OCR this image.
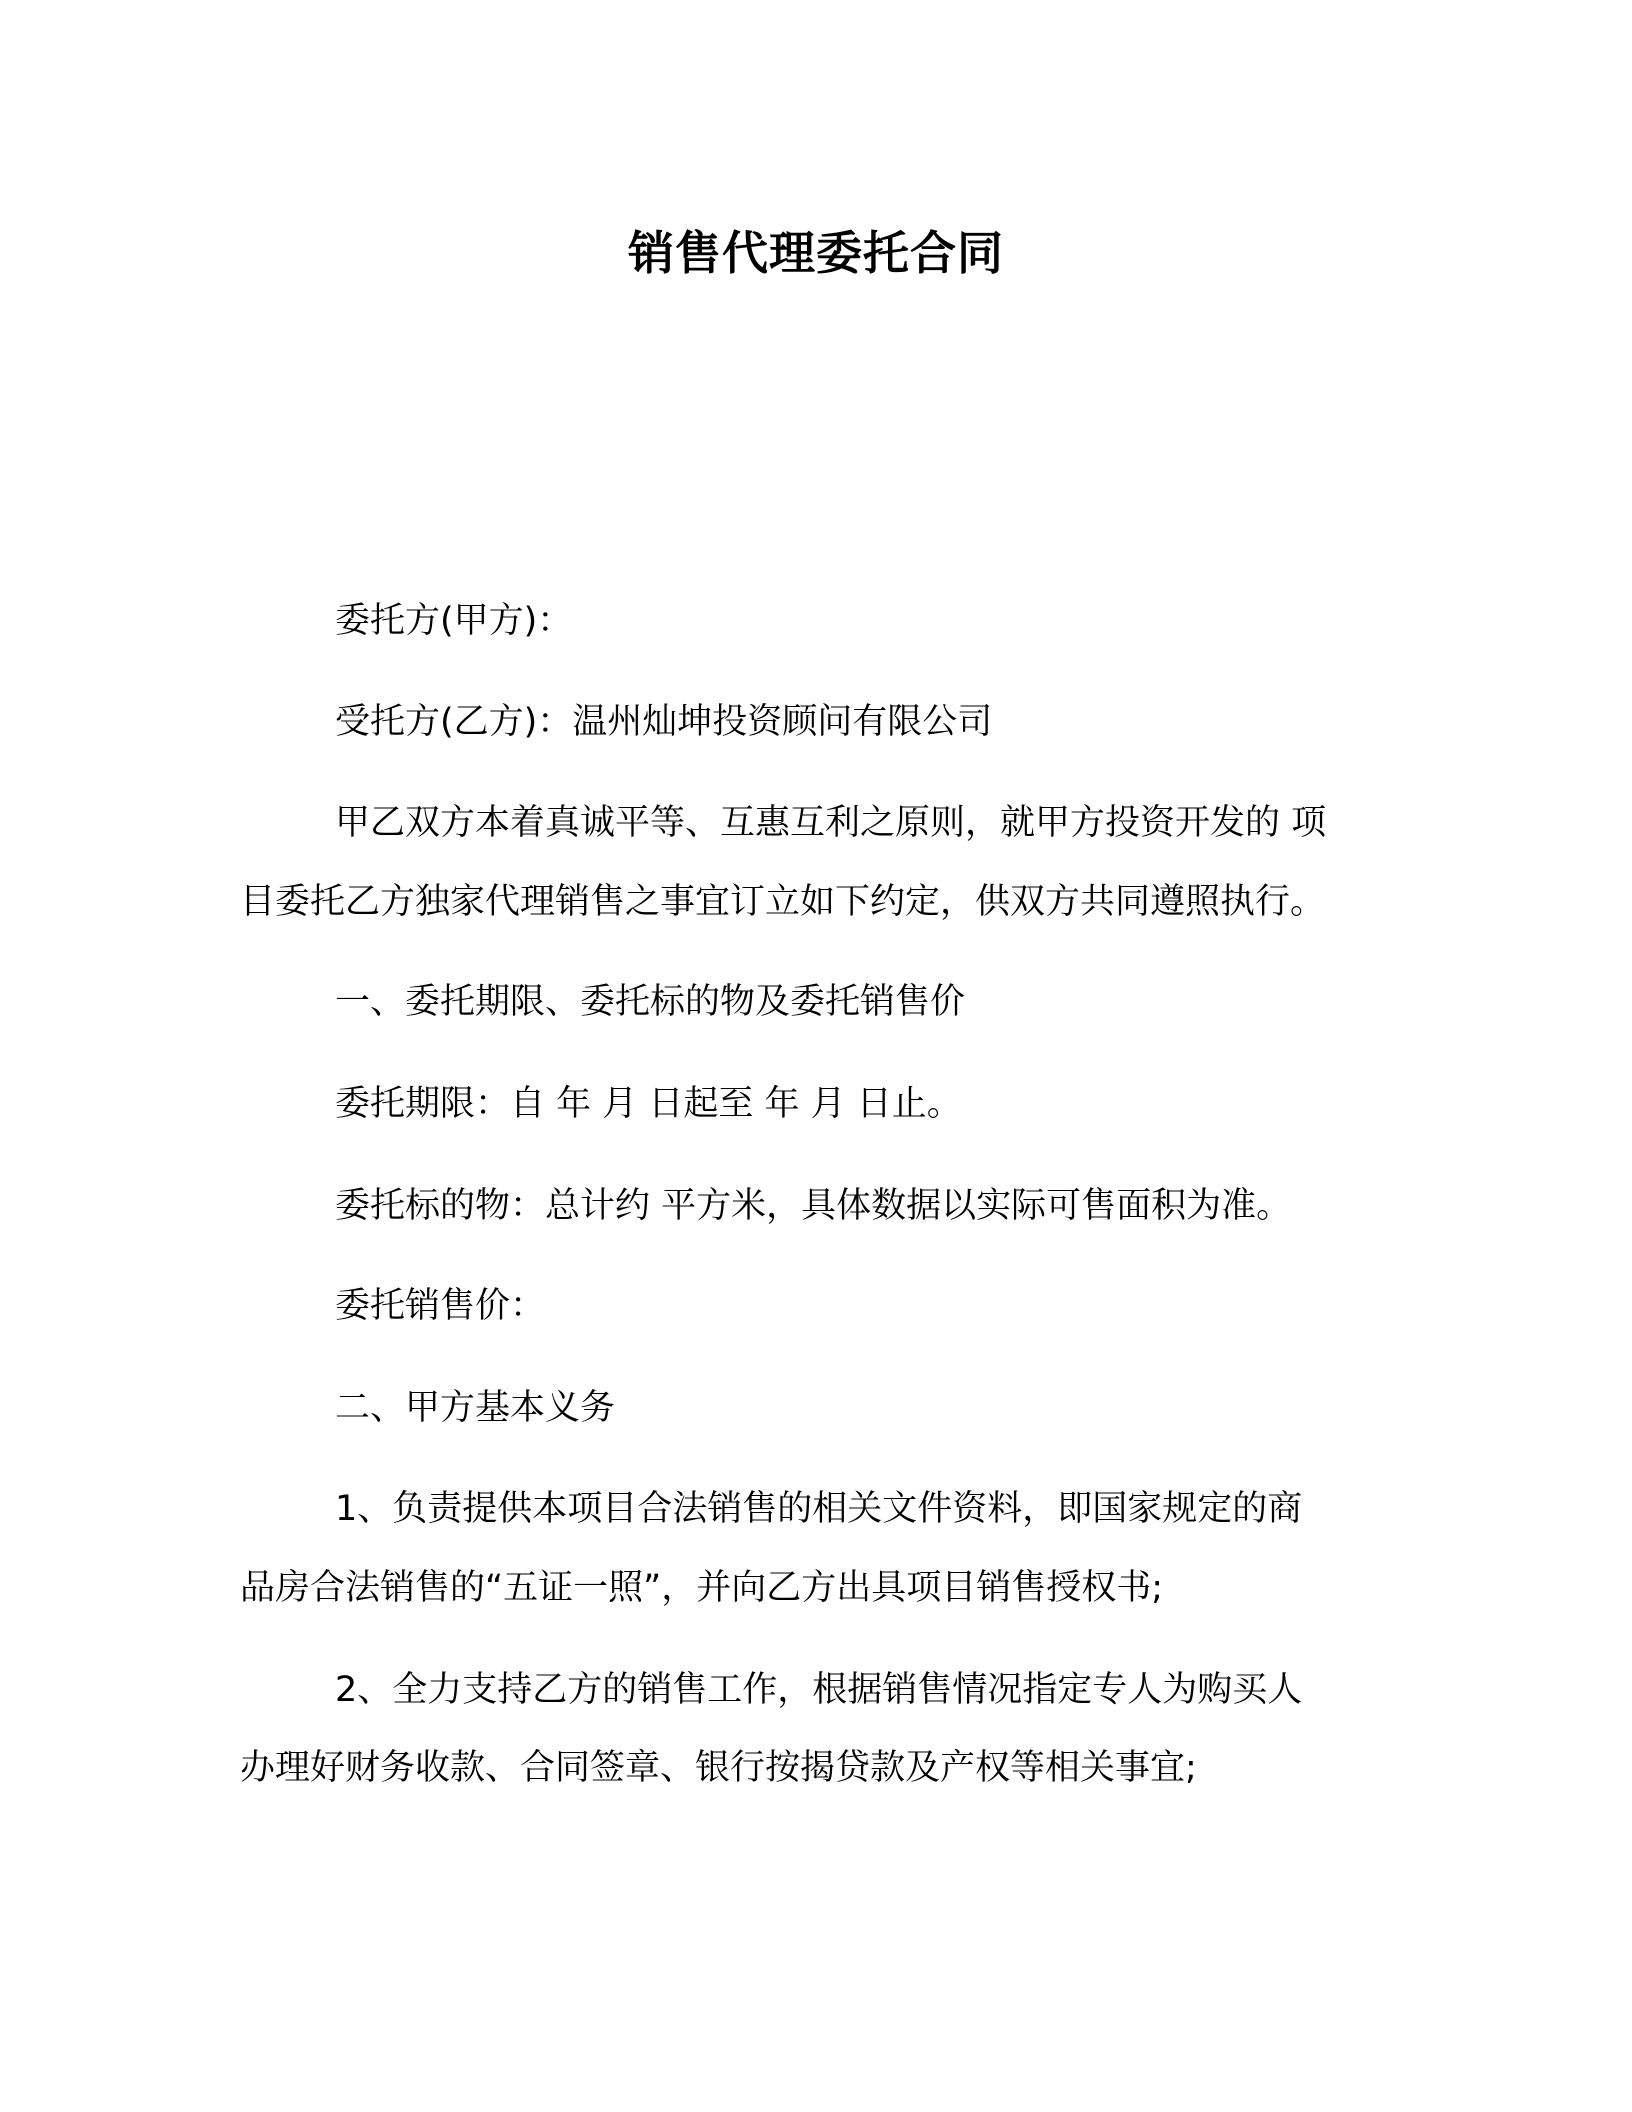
销售代理委托合同
委托方(甲方)：
受托方(乙方)：温州灿坤投资顾问有限公司
甲乙双方本着真诚平等、互惠互利之原则，就甲方投资开发的 项
目委托乙方独家代理销售之事宜订立如下约定，供双方共同遵照执行。
一、委托期限、委托标的物及委托销售价
委托期限：自 年 月 日起至 年 月 日止。
委托标的物：总计约 平方米，具体数据以实际可售面积为准。
委托销售价：
二、甲方基本义务
1、负责提供本项目合法销售的相关文件资料，即国家规定的商
品房合法销售的“五证一照”，并向乙方出具项目销售授权书;
2、全力支持乙方的销售工作，根据销售情况指定专人为购买人
办理好财务收款、合同签章、银行按揭贷款及产权等相关事宜;
